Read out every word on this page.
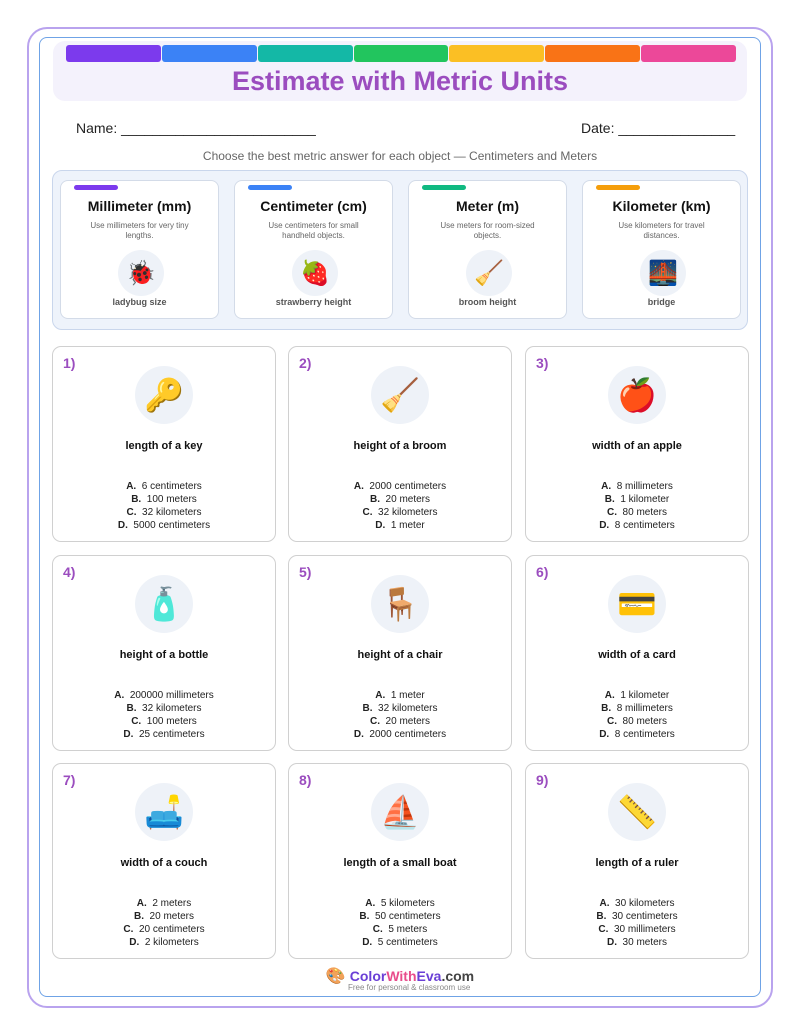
Estimate with Metric Units
Name: _________________________	Date: _______________
Choose the best metric answer for each object — Centimeters and Meters
Millimeter (mm)
Use millimeters for very tiny lengths.
🐞
ladybug size
Centimeter (cm)
Use centimeters for small handheld objects.
🍓
strawberry height
Meter (m)
Use meters for room-sized objects.
🧹
broom height
Kilometer (km)
Use kilometers for travel distances.
🌉
bridge
1)
🔑
length of a key
A. 6 centimeters
B. 100 meters
C. 32 kilometers
D. 5000 centimeters
2)
🧹
height of a broom
A. 2000 centimeters
B. 20 meters
C. 32 kilometers
D. 1 meter
3)
🍎
width of an apple
A. 8 millimeters
B. 1 kilometer
C. 80 meters
D. 8 centimeters
4)
🧴
height of a bottle
A. 200000 millimeters
B. 32 kilometers
C. 100 meters
D. 25 centimeters
5)
🪑
height of a chair
A. 1 meter
B. 32 kilometers
C. 20 meters
D. 2000 centimeters
6)
💳
width of a card
A. 1 kilometer
B. 8 millimeters
C. 80 meters
D. 8 centimeters
7)
🛋️
width of a couch
A. 2 meters
B. 20 meters
C. 20 centimeters
D. 2 kilometers
8)
⛵
length of a small boat
A. 5 kilometers
B. 50 centimeters
C. 5 meters
D. 5 centimeters
9)
📏
length of a ruler
A. 30 kilometers
B. 30 centimeters
C. 30 millimeters
D. 30 meters
🎨 ColorWithEva.com
Free for personal & classroom use
